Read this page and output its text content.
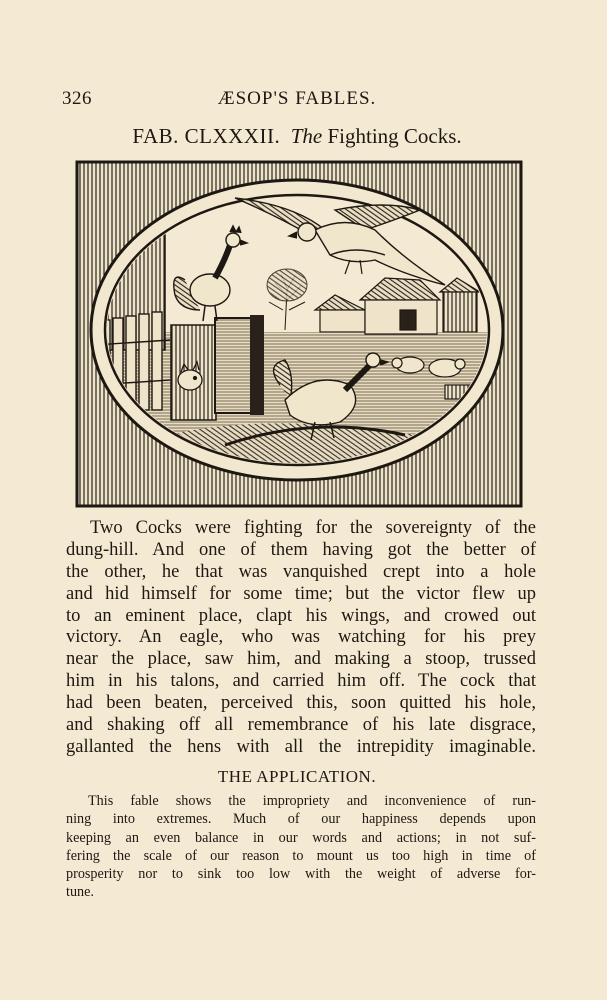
326	ÆSOP'S FABLES.
FAB. CLXXXII. The Fighting Cocks.
Two Cocks were fighting for the sovereignty of the
dung-hill. And one of them having got the better of
the other, he that was vanquished crept into a hole
and hid himself for some time; but the victor flew up
to an eminent place, clapt his wings, and crowed out
victory. An eagle, who was watching for his prey
near the place, saw him, and making a stoop, trussed
him in his talons, and carried him off. The cock that
had been beaten, perceived this, soon quitted his hole,
and shaking off all remembrance of his late disgrace,
gallanted the hens with all the intrepidity imaginable.
THE APPLICATION.
This fable shows the impropriety and inconvenience of run-
ning into extremes. Much of our happiness depends upon
keeping an even balance in our words and actions; in not suf-
fering the scale of our reason to mount us too high in time of
prosperity nor to sink too low with the weight of adverse for-
tune.
